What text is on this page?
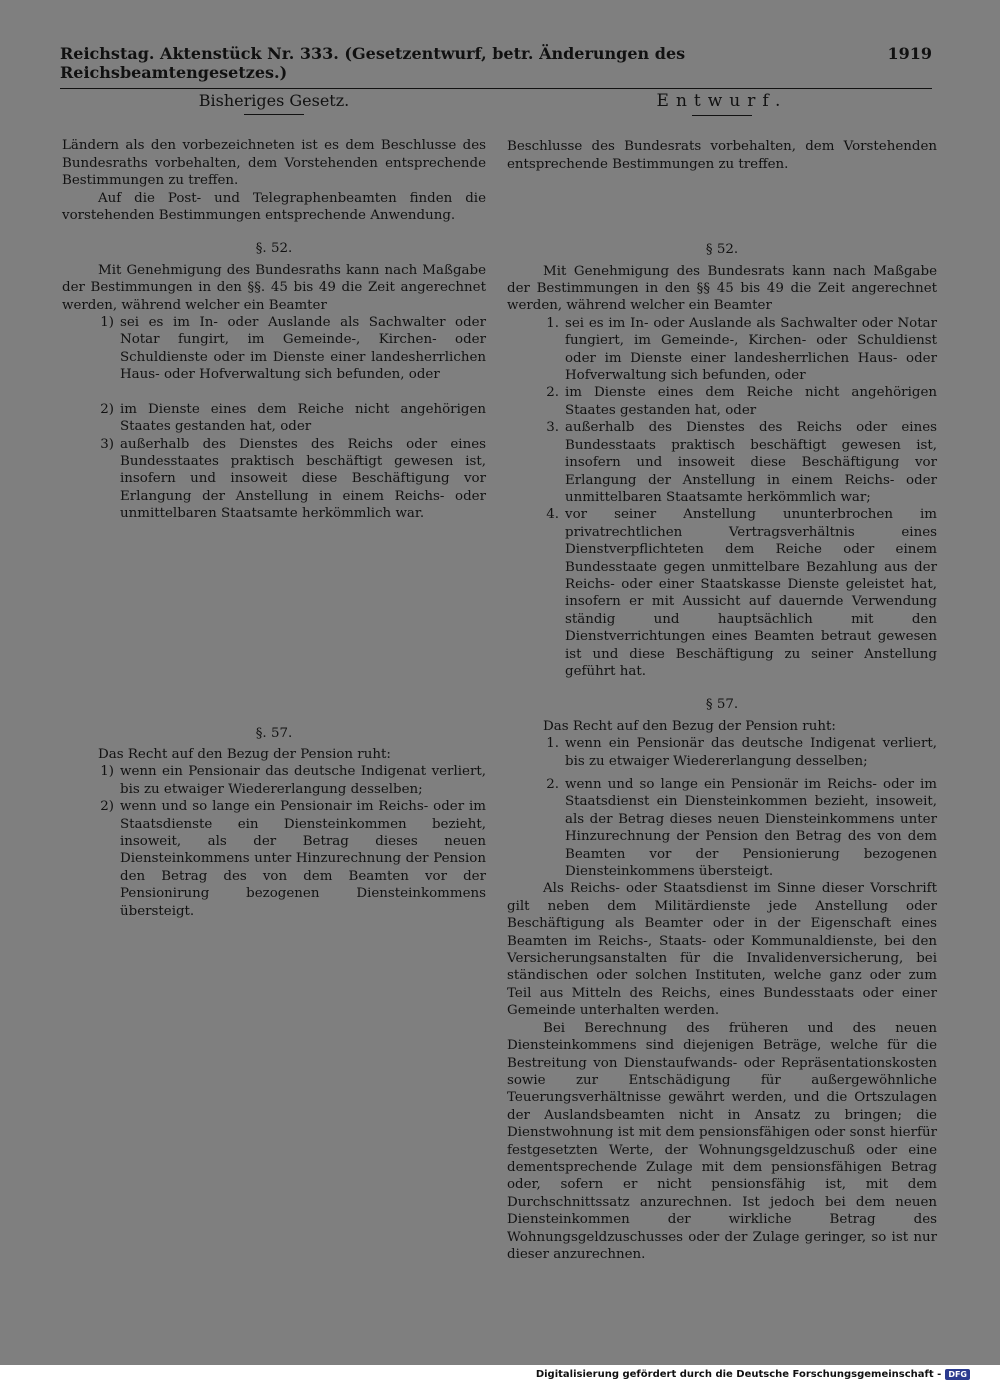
Reichstag. Aktenstück Nr. 333. (Gesetzentwurf, betr. Änderungen des Reichsbeamtengesetzes.)
1919
Bisheriges Gesetz.

Ländern als den vorbezeichneten ist es dem Beschlusse des Bundesraths vorbehalten, dem Vorstehenden entsprechende Bestimmungen zu treffen.

Auf die Post- und Telegraphenbeamten finden die vorstehenden Bestimmungen entsprechende Anwendung.

§. 52.

Mit Genehmigung des Bundesraths kann nach Maßgabe der Bestimmungen in den §§. 45 bis 49 die Zeit angerechnet werden, während welcher ein Beamter

1) sei es im In- oder Auslande als Sachwalter oder Notar fungirt, im Gemeinde-, Kirchen- oder Schuldienste oder im Dienste einer landesherrlichen Haus- oder Hofverwaltung sich befunden, oder
2) im Dienste eines dem Reiche nicht angehörigen Staates gestanden hat, oder
3) außerhalb des Dienstes des Reichs oder eines Bundesstaates praktisch beschäftigt gewesen ist, insofern und insoweit diese Beschäftigung vor Erlangung der Anstellung in einem Reichs- oder unmittelbaren Staatsamte herkömmlich war.
§. 57.

Das Recht auf den Bezug der Pension ruht:

1) wenn ein Pensionair das deutsche Indigenat verliert, bis zu etwaiger Wiedererlangung desselben;
2) wenn und so lange ein Pensionair im Reichs- oder im Staatsdienste ein Diensteinkommen bezieht, insoweit, als der Betrag dieses neuen Diensteinkommens unter Hinzurechnung der Pension den Betrag des von dem Beamten vor der Pensionirung bezogenen Diensteinkommens übersteigt.
Entwurf.

Beschlusse des Bundesrats vorbehalten, dem Vorstehenden entsprechende Bestimmungen zu treffen.

§ 52.

Mit Genehmigung des Bundesrats kann nach Maßgabe der Bestimmungen in den §§ 45 bis 49 die Zeit angerechnet werden, während welcher ein Beamter

1. sei es im In- oder Auslande als Sachwalter oder Notar fungiert, im Gemeinde-, Kirchen- oder Schuldienst oder im Dienste einer landesherrlichen Haus- oder Hofverwaltung sich befunden, oder
2. im Dienste eines dem Reiche nicht angehörigen Staates gestanden hat, oder
3. außerhalb des Dienstes des Reichs oder eines Bundesstaats praktisch beschäftigt gewesen ist, insofern und insoweit diese Beschäftigung vor Erlangung der Anstellung in einem Reichs- oder unmittelbaren Staatsamte herkömmlich war;
4. vor seiner Anstellung ununterbrochen im privatrechtlichen Vertragsverhältnis eines Dienstverpflichteten dem Reiche oder einem Bundesstaate gegen unmittelbare Bezahlung aus der Reichs- oder einer Staatskasse Dienste geleistet hat, insofern er mit Aussicht auf dauernde Verwendung ständig und hauptsächlich mit den Dienstverrichtungen eines Beamten betraut gewesen ist und diese Beschäftigung zu seiner Anstellung geführt hat.
§ 57.

Das Recht auf den Bezug der Pension ruht:

1. wenn ein Pensionär das deutsche Indigenat verliert, bis zu etwaiger Wiedererlangung desselben;
2. wenn und so lange ein Pensionär im Reichs- oder im Staatsdienst ein Diensteinkommen bezieht, insoweit, als der Betrag dieses neuen Diensteinkommens unter Hinzurechnung der Pension den Betrag des von dem Beamten vor der Pensionierung bezogenen Diensteinkommens übersteigt.

Als Reichs- oder Staatsdienst im Sinne dieser Vorschrift gilt neben dem Militärdienste jede Anstellung oder Beschäftigung als Beamter oder in der Eigenschaft eines Beamten im Reichs-, Staats- oder Kommunaldienste, bei den Versicherungsanstalten für die Invalidenversicherung, bei ständischen oder solchen Instituten, welche ganz oder zum Teil aus Mitteln des Reichs, eines Bundesstaats oder einer Gemeinde unterhalten werden.

Bei Berechnung des früheren und des neuen Diensteinkommens sind diejenigen Beträge, welche für die Bestreitung von Dienstaufwands- oder Repräsentationskosten sowie zur Entschädigung für außergewöhnliche Teuerungsverhältnisse gewährt werden, und die Ortszulagen der Auslandsbeamten nicht in Ansatz zu bringen; die Dienstwohnung ist mit dem pensionsfähigen oder sonst hierfür festgesetzten Werte, der Wohnungsgeldzuschuß oder eine dementsprechende Zulage mit dem pensionsfähigen Betrag oder, sofern er nicht pensionsfähig ist, mit dem Durchschnittssatz anzurechnen. Ist jedoch bei dem neuen Diensteinkommen der wirkliche Betrag des Wohnungsgeldzuschusses oder der Zulage geringer, so ist nur dieser anzurechnen.

Digitalisierung gefördert durch die Deutsche Forschungsgemeinschaft - DFG
